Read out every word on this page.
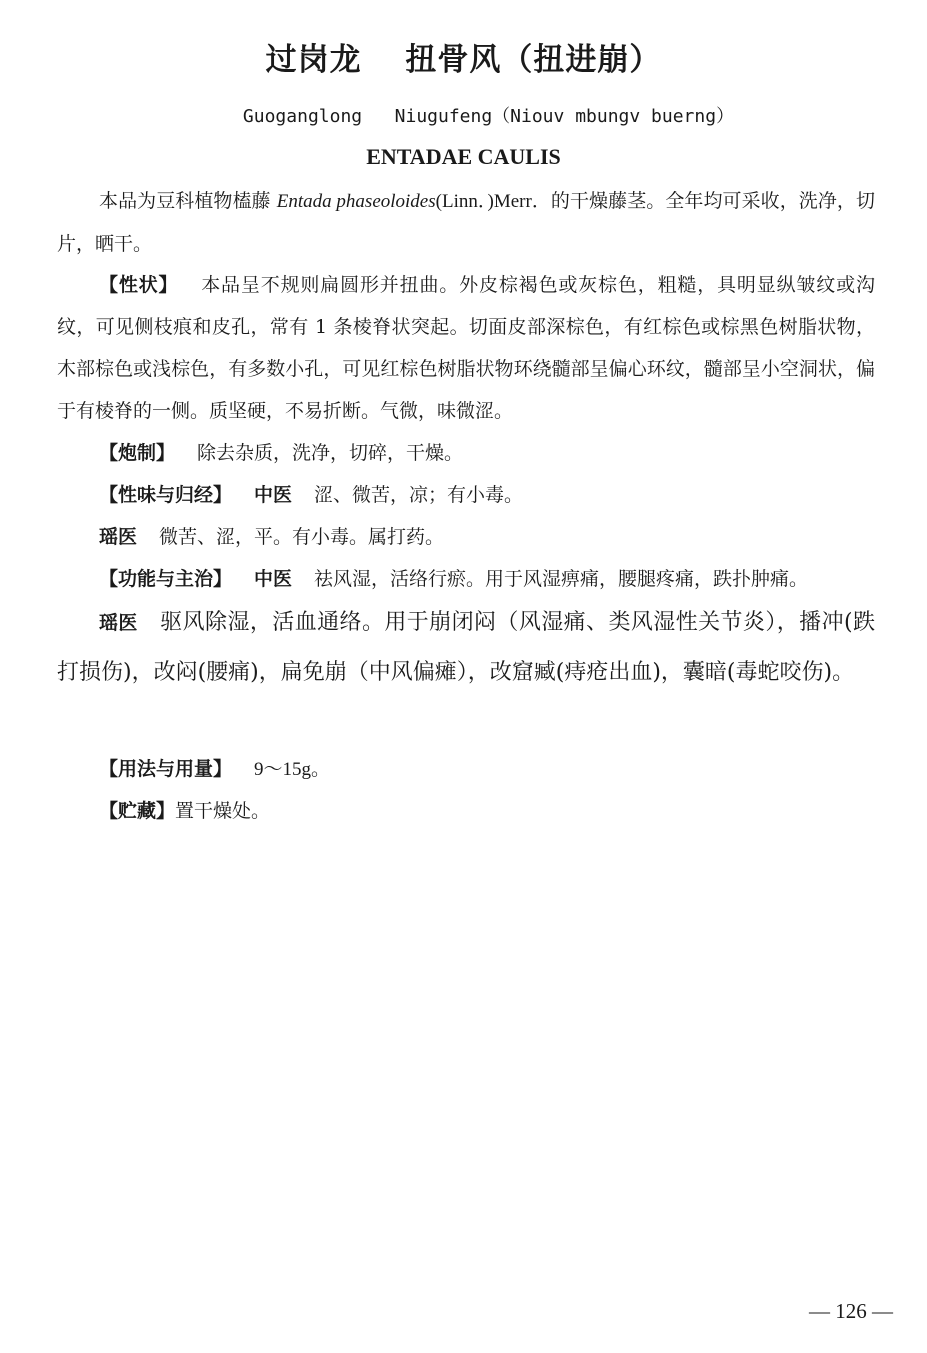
过岗龙　 扭骨风（扭进崩）
Guoganglong   Niugufeng（Niouv mbungv buerng）
ENTADAE CAULIS
本品为豆科植物榼藤 Entada phaseoloides(Linn．)Merr．的干燥藤茎。全年均可采收，洗净，切片，晒干。
【性状】 本品呈不规则扁圆形并扭曲。外皮棕褐色或灰棕色，粗糙，具明显纵皱纹或沟纹，可见侧枝痕和皮孔，常有 1 条棱脊状突起。切面皮部深棕色，有红棕色或棕黑色树脂状物，木部棕色或浅棕色，有多数小孔，可见红棕色树脂状物环绕髓部呈偏心环纹，髓部呈小空洞状，偏于有棱脊的一侧。质坚硬，不易折断。气微，味微涩。
【炮制】 除去杂质，洗净，切碎，干燥。
【性味与归经】 中医 涩、微苦，凉；有小毒。
瑶医 微苦、涩，平。有小毒。属打药。
【功能与主治】 中医 祛风湿，活络行瘀。用于风湿痹痛，腰腿疼痛，跌扑肿痛。
瑶医 驱风除湿，活血通络。用于崩闭闷（风湿痛、类风湿性关节炎），播冲(跌打损伤)，改闷(腰痛)，扁免崩（中风偏瘫），改窟臧(痔疮出血)，囊暗(毒蛇咬伤)。
【用法与用量】 9～15g。
【贮藏】置干燥处。
— 126 —
